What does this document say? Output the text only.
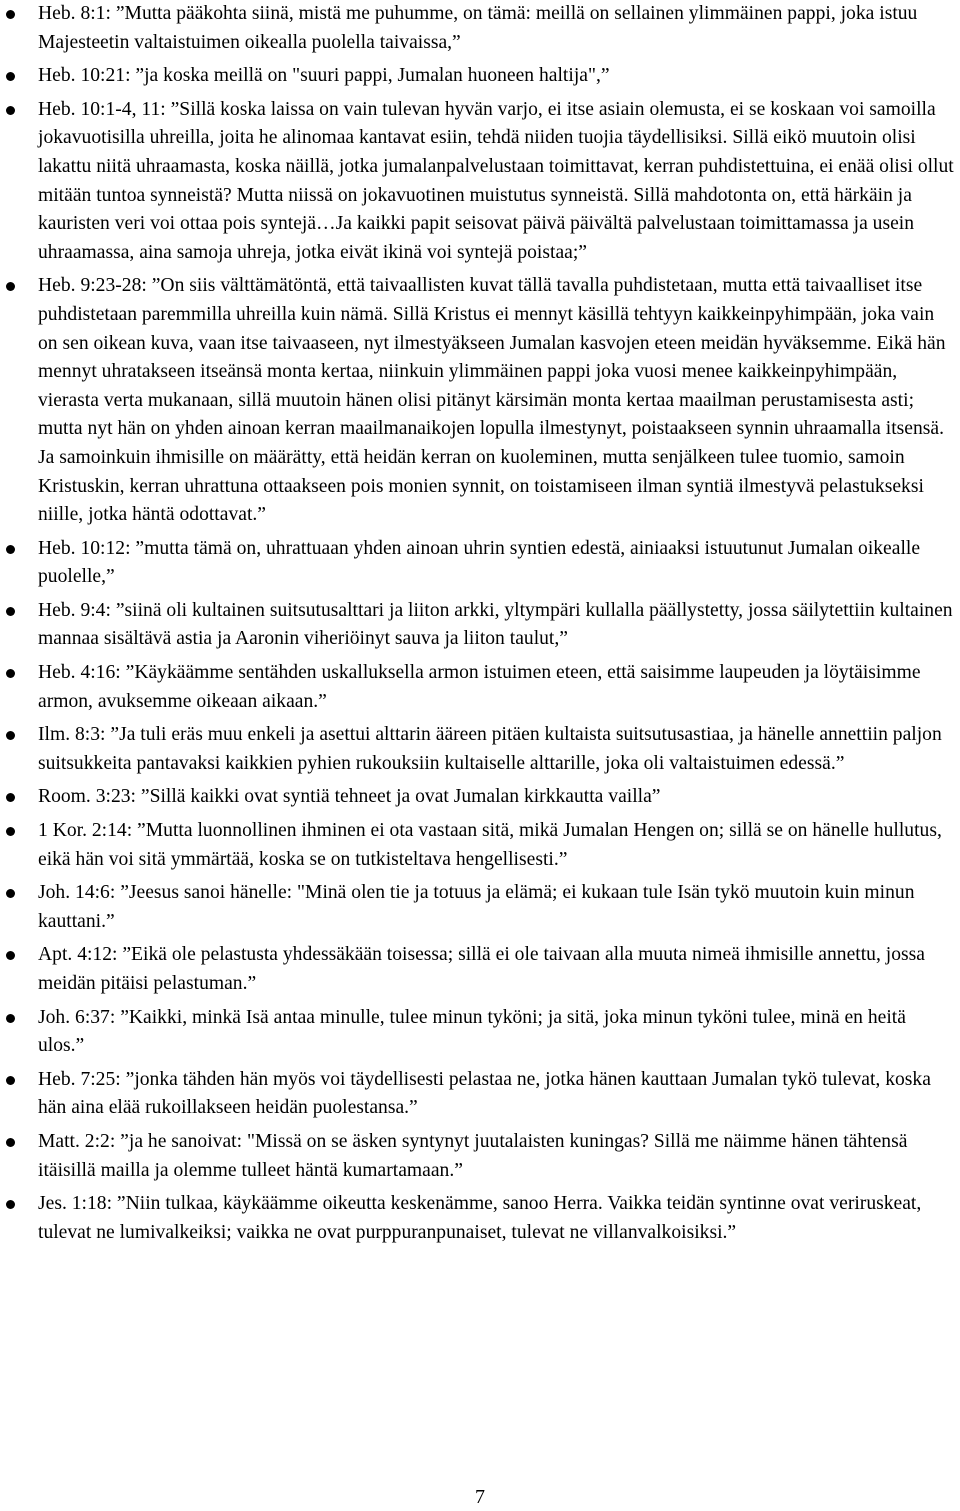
Heb. 8:1: ”Mutta pääkohta siinä, mistä me puhumme, on tämä: meillä on sellainen ylimmäinen pappi, joka istuu Majesteetin valtaistuimen oikealla puolella taivaissa,”
Heb. 10:21: ”ja koska meillä on "suuri pappi, Jumalan huoneen haltija",”
Heb. 10:1-4, 11: ”Sillä koska laissa on vain tulevan hyvän varjo, ei itse asiain olemusta, ei se koskaan voi samoilla jokavuotisilla uhreilla, joita he alinomaa kantavat esiin, tehdä niiden tuojia täydellisiksi. Sillä eikö muutoin olisi lakattu niitä uhraamasta, koska näillä, jotka jumalanpalvelustaan toimittavat, kerran puhdistettuina, ei enää olisi ollut mitään tuntoa synneistä? Mutta niissä on jokavuotinen muistutus synneistä. Sillä mahdotonta on, että härkäin ja kauristen veri voi ottaa pois syntejä…Ja kaikki papit seisovat päivä päivältä palvelustaan toimittamassa ja usein uhraamassa, aina samoja uhreja, jotka eivät ikinä voi syntejä poistaa;”
Heb. 9:23-28: ”On siis välttämätöntä, että taivaallisten kuvat tällä tavalla puhdistetaan, mutta että taivaalliset itse puhdistetaan paremmilla uhreilla kuin nämä. Sillä Kristus ei mennyt käsillä tehtyyn kaikkeinpyhimpään, joka vain on sen oikean kuva, vaan itse taivaaseen, nyt ilmestyäkseen Jumalan kasvojen eteen meidän hyväksemme. Eikä hän mennyt uhratakseen itseänsä monta kertaa, niinkuin ylimmäinen pappi joka vuosi menee kaikkeinpyhimpään, vierasta verta mukanaan, sillä muutoin hänen olisi pitänyt kärsimän monta kertaa maailman perustamisesta asti; mutta nyt hän on yhden ainoan kerran maailmanaikojen lopulla ilmestynyt, poistaakseen synnin uhraamalla itsensä. Ja samoinkuin ihmisille on määrätty, että heidän kerran on kuoleminen, mutta senjälkeen tulee tuomio, samoin Kristuskin, kerran uhrattuna ottaakseen pois monien synnit, on toistamiseen ilman syntiä ilmestyvä pelastukseksi niille, jotka häntä odottavat.”
Heb. 10:12: ”mutta tämä on, uhrattuaan yhden ainoan uhrin syntien edestä, ainiaaksi istuutunut Jumalan oikealle puolelle,”
Heb. 9:4: ”siinä oli kultainen suitsutusalttari ja liiton arkki, yltympäri kullalla päällystetty, jossa säilytettiin kultainen mannaa sisältävä astia ja Aaronin viheriöinyt sauva ja liiton taulut,”
Heb. 4:16: ”Käykäämme sentähden uskalluksella armon istuimen eteen, että saisimme laupeuden ja löytäisimme armon, avuksemme oikeaan aikaan.”
Ilm. 8:3: ”Ja tuli eräs muu enkeli ja asettui alttarin ääreen pitäen kultaista suitsutusastiaa, ja hänelle annettiin paljon suitsukkeita pantavaksi kaikkien pyhien rukouksiin kultaiselle alttarille, joka oli valtaistuimen edessä.”
Room. 3:23: ”Sillä kaikki ovat syntiä tehneet ja ovat Jumalan kirkkautta vailla”
1 Kor. 2:14: ”Mutta luonnollinen ihminen ei ota vastaan sitä, mikä Jumalan Hengen on; sillä se on hänelle hullutus, eikä hän voi sitä ymmärtää, koska se on tutkisteltava hengellisesti.”
Joh. 14:6: ”Jeesus sanoi hänelle: "Minä olen tie ja totuus ja elämä; ei kukaan tule Isän tykö muutoin kuin minun kauttani.”
Apt. 4:12: ”Eikä ole pelastusta yhdessäkään toisessa; sillä ei ole taivaan alla muuta nimeä ihmisille annettu, jossa meidän pitäisi pelastuman.”
Joh. 6:37: ”Kaikki, minkä Isä antaa minulle, tulee minun tyköni; ja sitä, joka minun tyköni tulee, minä en heitä ulos.”
Heb. 7:25: ”jonka tähden hän myös voi täydellisesti pelastaa ne, jotka hänen kauttaan Jumalan tykö tulevat, koska hän aina elää rukoillakseen heidän puolestansa.”
Matt. 2:2: ”ja he sanoivat: "Missä on se äsken syntynyt juutalaisten kuningas? Sillä me näimme hänen tähtensä itäisillä mailla ja olemme tulleet häntä kumartamaan.”
Jes. 1:18: ”Niin tulkaa, käykäämme oikeutta keskenämme, sanoo Herra. Vaikka teidän syntinne ovat veriruskeat, tulevat ne lumivalkeiksi; vaikka ne ovat purppuranpunaiset, tulevat ne villanvalkoisiksi.”
7
